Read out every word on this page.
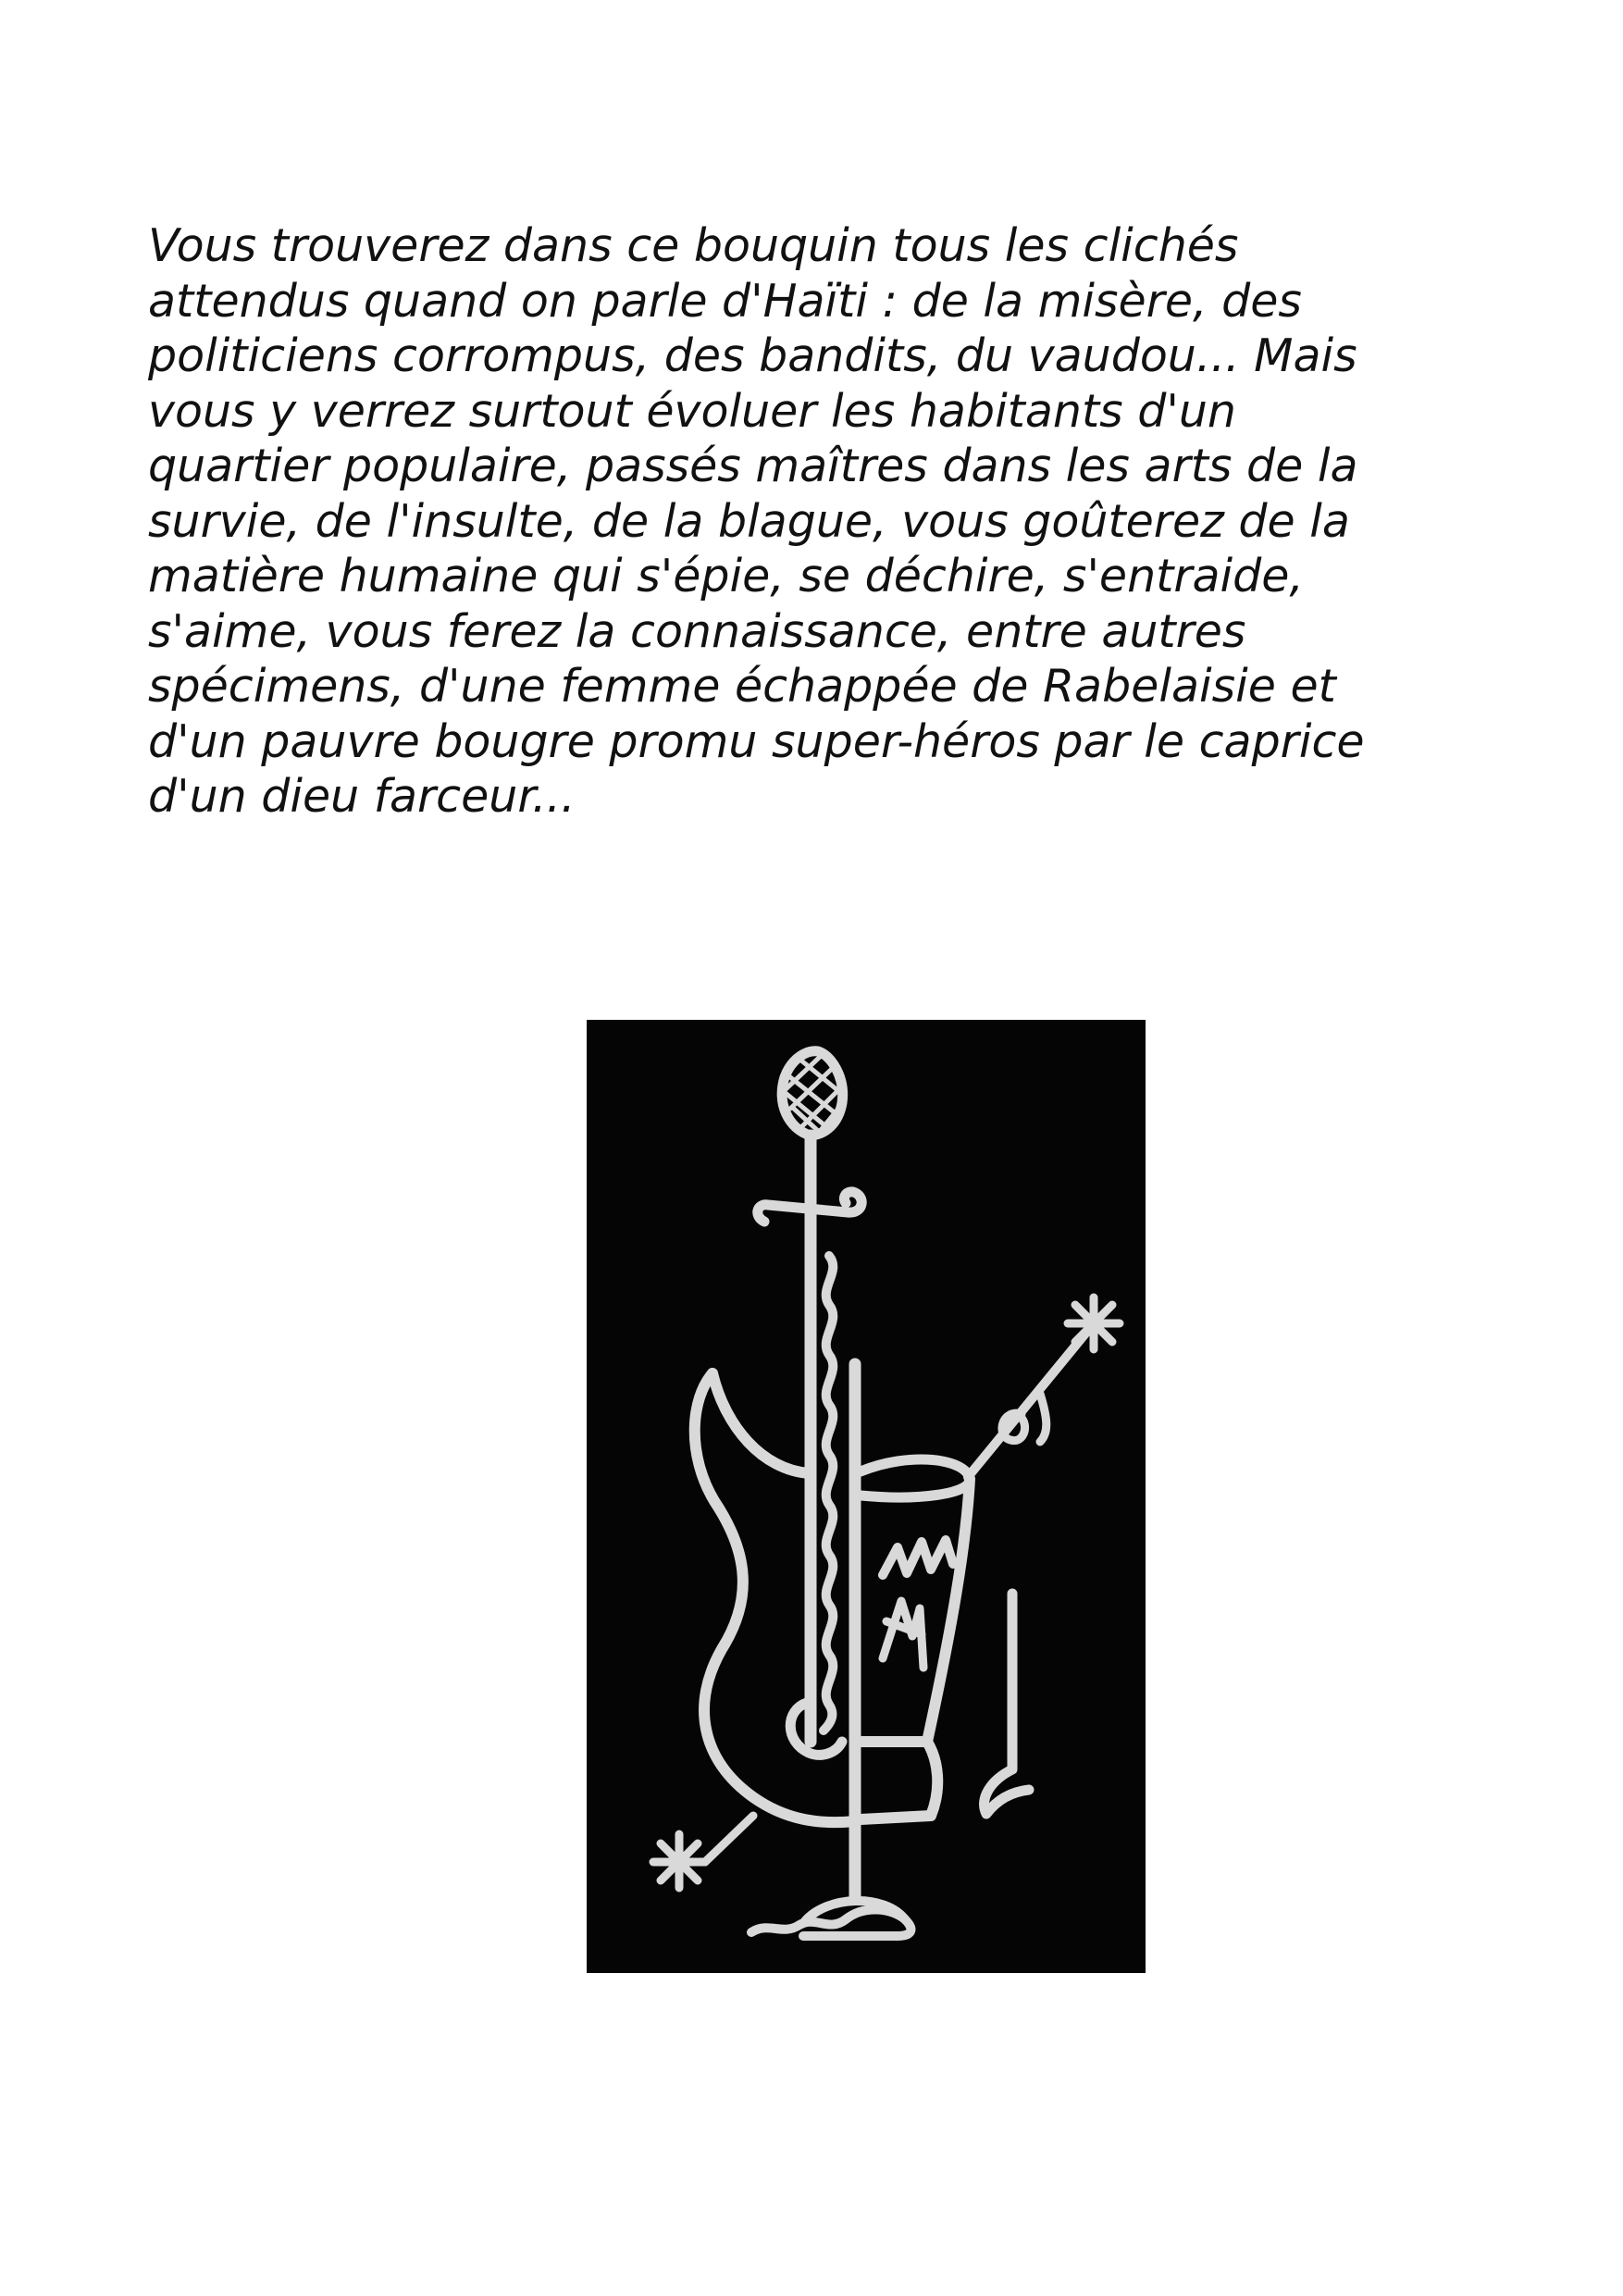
Vous trouverez dans ce bouquin tous les clichés
attendus quand on parle d'Haïti : de la misère, des
politiciens corrompus, des bandits, du vaudou... Mais
vous y verrez surtout évoluer les habitants d'un
quartier populaire, passés maîtres dans les arts de la
survie, de l'insulte, de la blague, vous goûterez de la
matière humaine qui s'épie, se déchire, s'entraide,
s'aime, vous ferez la connaissance, entre autres
spécimens, d'une femme échappée de Rabelaisie et
d'un pauvre bougre promu super-héros par le caprice
d'un dieu farceur...
